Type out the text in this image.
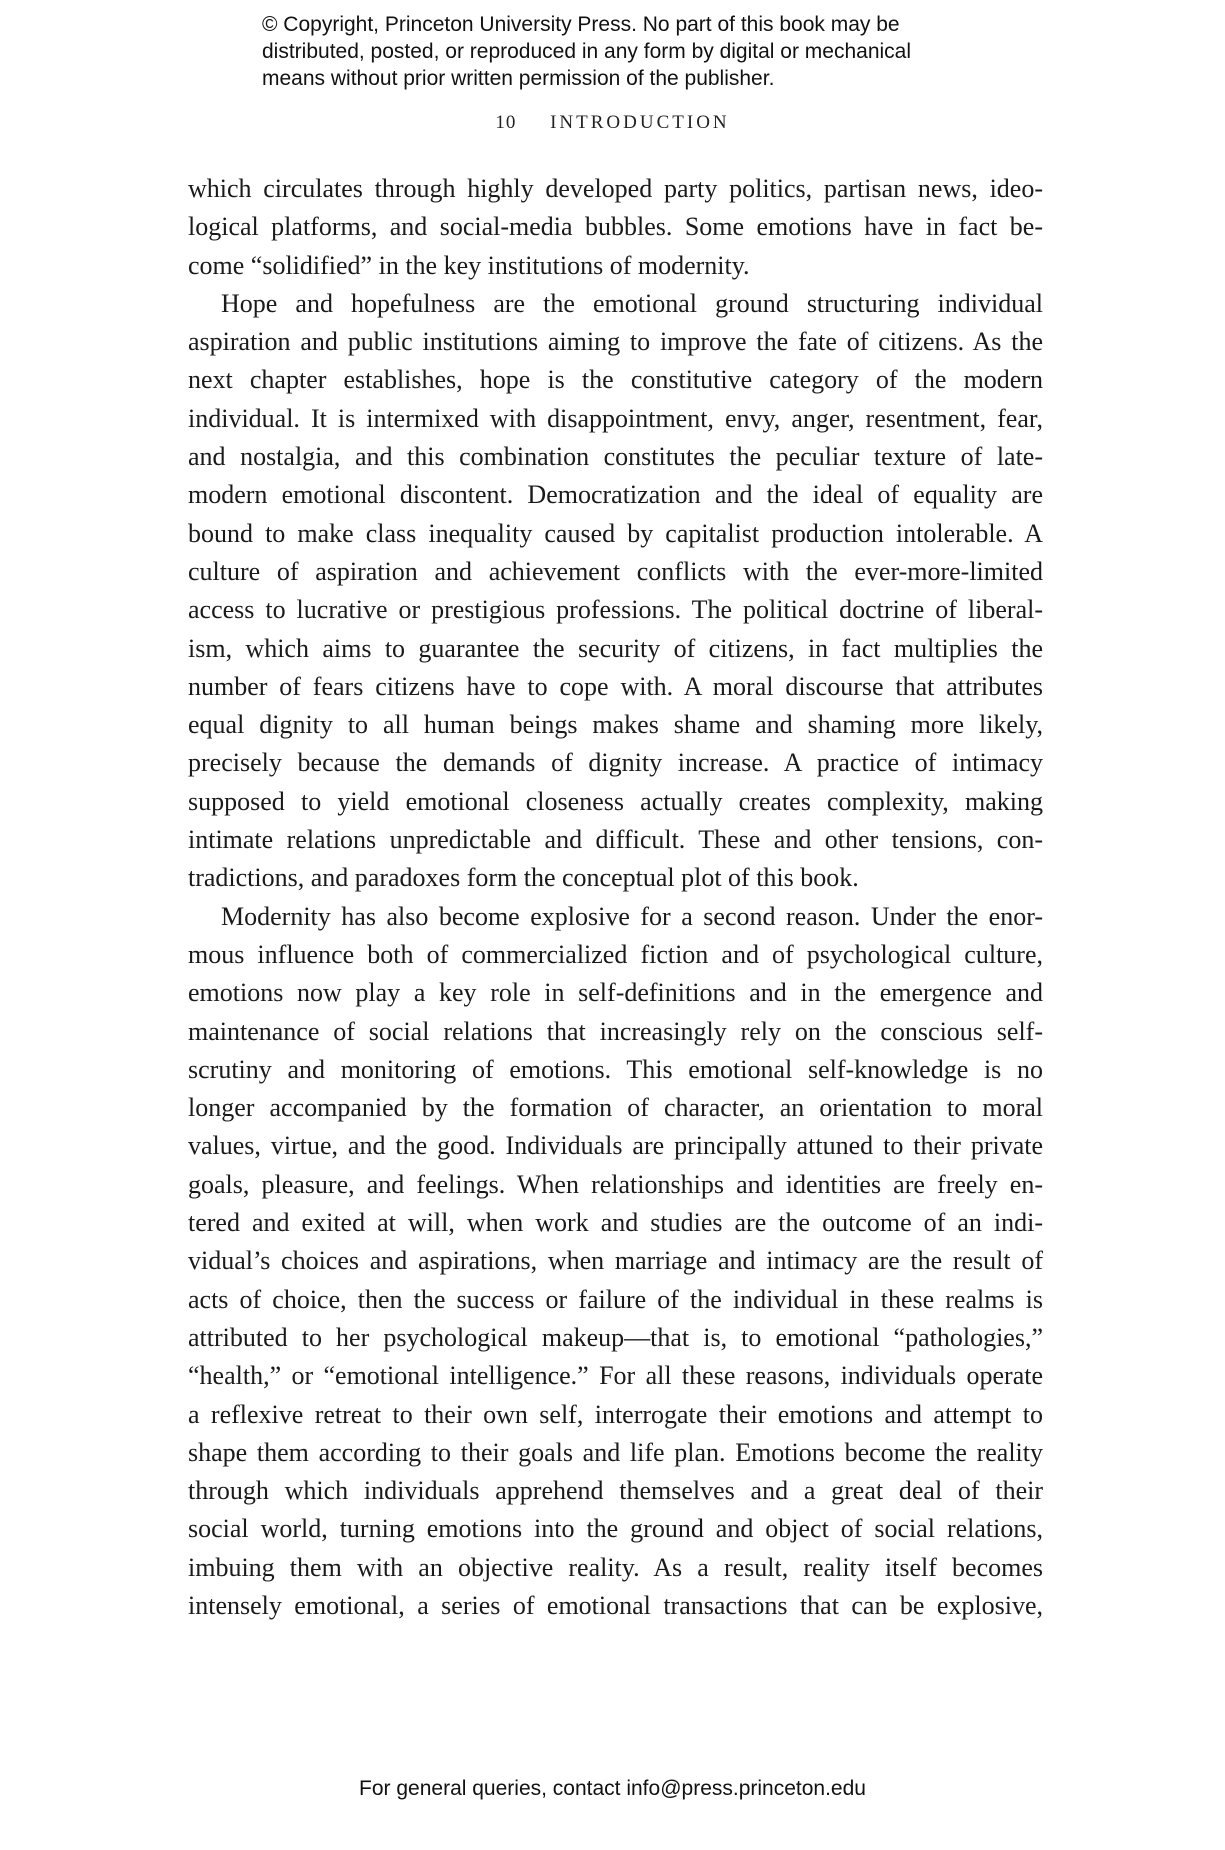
© Copyright, Princeton University Press. No part of this book may be
distributed, posted, or reproduced in any form by digital or mechanical
means without prior written permission of the publisher.
10 INTRODUCTION
which circulates through highly developed party politics, partisan news, ideo-
logical platforms, and social-media bubbles. Some emotions have in fact be-
come “solidified” in the key institutions of modernity.
Hope and hopefulness are the emotional ground structuring individual
aspiration and public institutions aiming to improve the fate of citizens. As the
next chapter establishes, hope is the constitutive category of the modern
individual. It is intermixed with disappointment, envy, anger, resentment, fear,
and nostalgia, and this combination constitutes the peculiar texture of late-
modern emotional discontent. Democratization and the ideal of equality are
bound to make class inequality caused by capitalist production intolerable. A
culture of aspiration and achievement conflicts with the ever-more-limited
access to lucrative or prestigious professions. The political doctrine of liberal-
ism, which aims to guarantee the security of citizens, in fact multiplies the
number of fears citizens have to cope with. A moral discourse that attributes
equal dignity to all human beings makes shame and shaming more likely,
precisely because the demands of dignity increase. A practice of intimacy
supposed to yield emotional closeness actually creates complexity, making
intimate relations unpredictable and difficult. These and other tensions, con-
tradictions, and paradoxes form the conceptual plot of this book.
Modernity has also become explosive for a second reason. Under the enor-
mous influence both of commercialized fiction and of psychological culture,
emotions now play a key role in self-definitions and in the emergence and
maintenance of social relations that increasingly rely on the conscious self-
scrutiny and monitoring of emotions. This emotional self-knowledge is no
longer accompanied by the formation of character, an orientation to moral
values, virtue, and the good. Individuals are principally attuned to their private
goals, pleasure, and feelings. When relationships and identities are freely en-
tered and exited at will, when work and studies are the outcome of an indi-
vidual’s choices and aspirations, when marriage and intimacy are the result of
acts of choice, then the success or failure of the individual in these realms is
attributed to her psychological makeup—that is, to emotional “pathologies,”
“health,” or “emotional intelligence.” For all these reasons, individuals operate
a reflexive retreat to their own self, interrogate their emotions and attempt to
shape them according to their goals and life plan. Emotions become the reality
through which individuals apprehend themselves and a great deal of their
social world, turning emotions into the ground and object of social relations,
imbuing them with an objective reality. As a result, reality itself becomes
intensely emotional, a series of emotional transactions that can be explosive,
For general queries, contact info@press.princeton.edu
